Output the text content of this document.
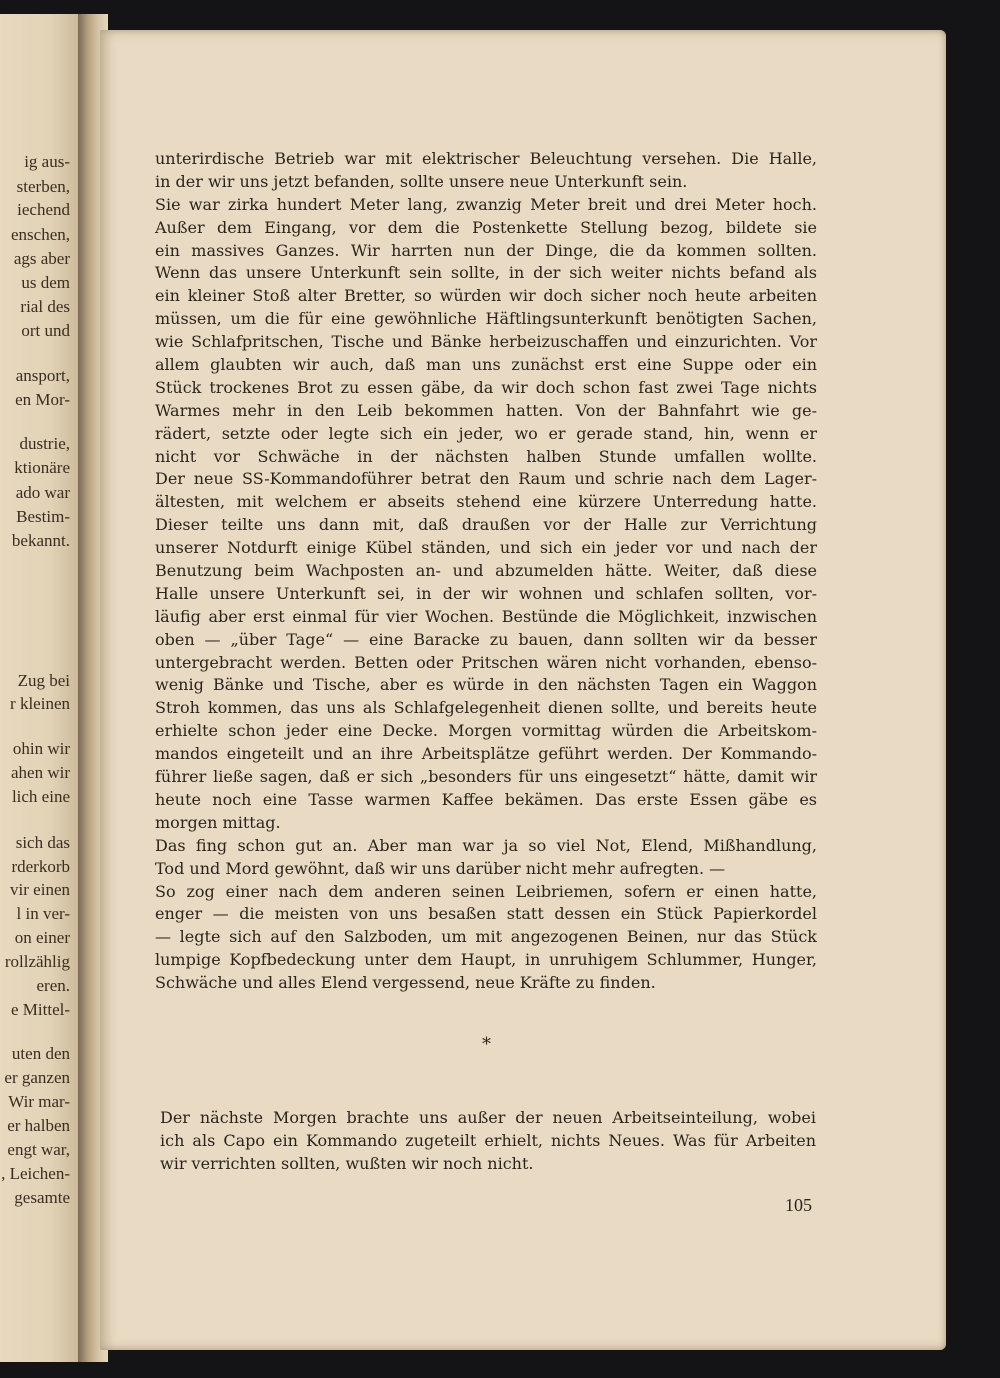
ig aus-
sterben,
iechend
enschen,
ags aber
us dem
rial des
ort und
ansport,
en Mor-
dustrie,
ktionäre
ado war
Bestim-
bekannt.
Zug bei
r kleinen
ohin wir
ahen wir
lich eine
sich das
rderkorb
vir einen
l in ver-
on einer
rollzählig
eren.
e Mittel-
uten den
er ganzen
Wir mar-
er halben
engt war,
, Leichen-
gesamte
unterirdische Betrieb war mit elektrischer Beleuchtung versehen. Die Halle,
in der wir uns jetzt befanden, sollte unsere neue Unterkunft sein.
Sie war zirka hundert Meter lang, zwanzig Meter breit und drei Meter hoch.
Außer dem Eingang, vor dem die Postenkette Stellung bezog, bildete sie
ein massives Ganzes. Wir harrten nun der Dinge, die da kommen sollten.
Wenn das unsere Unterkunft sein sollte, in der sich weiter nichts befand als
ein kleiner Stoß alter Bretter, so würden wir doch sicher noch heute arbeiten
müssen, um die für eine gewöhnliche Häftlingsunterkunft benötigten Sachen,
wie Schlafpritschen, Tische und Bänke herbeizuschaffen und einzurichten. Vor
allem glaubten wir auch, daß man uns zunächst erst eine Suppe oder ein
Stück trockenes Brot zu essen gäbe, da wir doch schon fast zwei Tage nichts
Warmes mehr in den Leib bekommen hatten. Von der Bahnfahrt wie ge-
rädert, setzte oder legte sich ein jeder, wo er gerade stand, hin, wenn er
nicht vor Schwäche in der nächsten halben Stunde umfallen wollte.
Der neue SS-Kommandoführer betrat den Raum und schrie nach dem Lager-
ältesten, mit welchem er abseits stehend eine kürzere Unterredung hatte.
Dieser teilte uns dann mit, daß draußen vor der Halle zur Verrichtung
unserer Notdurft einige Kübel ständen, und sich ein jeder vor und nach der
Benutzung beim Wachposten an- und abzumelden hätte. Weiter, daß diese
Halle unsere Unterkunft sei, in der wir wohnen und schlafen sollten, vor-
läufig aber erst einmal für vier Wochen. Bestünde die Möglichkeit, inzwischen
oben — „über Tage“ — eine Baracke zu bauen, dann sollten wir da besser
untergebracht werden. Betten oder Pritschen wären nicht vorhanden, ebenso-
wenig Bänke und Tische, aber es würde in den nächsten Tagen ein Waggon
Stroh kommen, das uns als Schlafgelegenheit dienen sollte, und bereits heute
erhielte schon jeder eine Decke. Morgen vormittag würden die Arbeitskom-
mandos eingeteilt und an ihre Arbeitsplätze geführt werden. Der Kommando-
führer ließe sagen, daß er sich „besonders für uns eingesetzt“ hätte, damit wir
heute noch eine Tasse warmen Kaffee bekämen. Das erste Essen gäbe es
morgen mittag.
Das fing schon gut an. Aber man war ja so viel Not, Elend, Mißhandlung,
Tod und Mord gewöhnt, daß wir uns darüber nicht mehr aufregten. —
So zog einer nach dem anderen seinen Leibriemen, sofern er einen hatte,
enger — die meisten von uns besaßen statt dessen ein Stück Papierkordel
— legte sich auf den Salzboden, um mit angezogenen Beinen, nur das Stück
lumpige Kopfbedeckung unter dem Haupt, in unruhigem Schlummer, Hunger,
Schwäche und alles Elend vergessend, neue Kräfte zu finden.
*
Der nächste Morgen brachte uns außer der neuen Arbeitseinteilung, wobei
ich als Capo ein Kommando zugeteilt erhielt, nichts Neues. Was für Arbeiten
wir verrichten sollten, wußten wir noch nicht.
105
